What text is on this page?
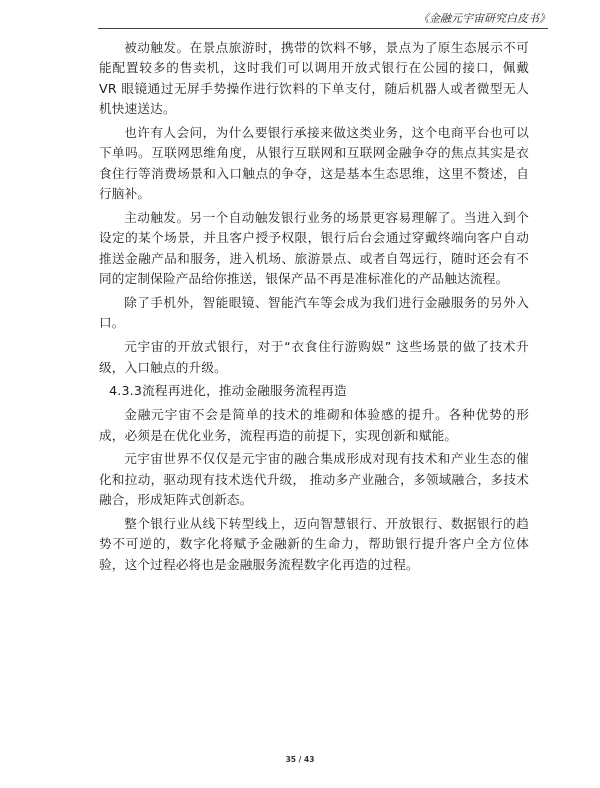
《金融元宇宙研究白皮书》

被动触发。在景点旅游时，携带的饮料不够，景点为了原生态展示不可能配置较多的售卖机，这时我们可以调用开放式银行在公园的接口，佩戴 VR 眼镜通过无屏手势操作进行饮料的下单支付，随后机器人或者微型无人机快速送达。

也许有人会问，为什么要银行承接来做这类业务，这个电商平台也可以下单吗。互联网思维角度，从银行互联网和互联网金融争夺的焦点其实是衣食住行等消费场景和入口触点的争夺，这是基本生态思维，这里不赘述，自行脑补。

主动触发。另一个自动触发银行业务的场景更容易理解了。当进入到个设定的某个场景，并且客户授予权限，银行后台会通过穿戴终端向客户自动推送金融产品和服务，进入机场、旅游景点、或者自驾远行，随时还会有不同的定制保险产品给你推送，银保产品不再是准标准化的产品触达流程。

除了手机外，智能眼镜、智能汽车等会成为我们进行金融服务的另外入口。

元宇宙的开放式银行，对于“衣食住行游购娱” 这些场景的做了技术升级，入口触点的升级。

4.3.3流程再进化，推动金融服务流程再造

金融元宇宙不会是简单的技术的堆砌和体验感的提升。各种优势的形成，必须是在优化业务，流程再造的前提下，实现创新和赋能。

元宇宙世界不仅仅是元宇宙的融合集成形成对现有技术和产业生态的催化和拉动，驱动现有技术迭代升级， 推动多产业融合，多领域融合，多技术融合，形成矩阵式创新态。

整个银行业从线下转型线上，迈向智慧银行、开放银行、数据银行的趋势不可逆的，数字化将赋予金融新的生命力，帮助银行提升客户全方位体验，这个过程必将也是金融服务流程数字化再造的过程。

35 / 43
